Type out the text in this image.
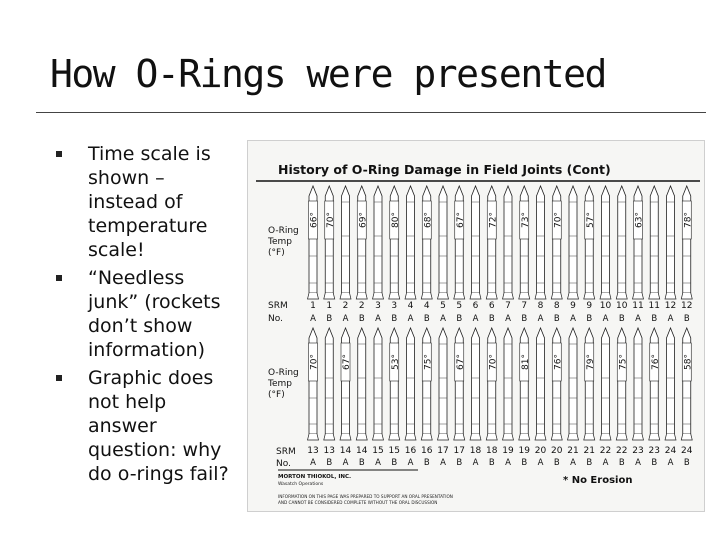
How O-Rings were presented
Time scale is shown – instead of temperature scale!
“Needless junk” (rockets don’t show information)
Graphic does not help answer question: why do o-rings fail?
History of O-Ring Damage in Field Joints (Cont)
O-Ring
Temp
(°F)
SRM
No.
O-Ring
Temp
(°F)
SRM
No.
66°
1
A
70°
1
B
2
A
69°
2
B
3
A
80°
3
B
4
A
68°
4
B
5
A
67°
5
B
6
A
72°
6
B
7
A
73°
7
B
8
A
70°
8
B
9
A
57°
9
B
10
A
10
B
63°
11
A
11
B
12
A
78°
12
B
70°
13
A
13
B
67°
14
A
14
B
15
A
53°
15
B
16
A
75°
16
B
17
A
67°
17
B
18
A
70°
18
B
19
A
81°
19
B
20
A
76°
20
B
21
A
79°
21
B
22
A
75°
22
B
23
A
76°
23
B
24
A
58°
24
B
MORTON THIOKOL, INC.
Wasatch Operations
INFORMATION ON THIS PAGE WAS PREPARED TO SUPPORT AN ORAL PRESENTATION
AND CANNOT BE CONSIDERED COMPLETE WITHOUT THE ORAL DISCUSSION
* No Erosion
